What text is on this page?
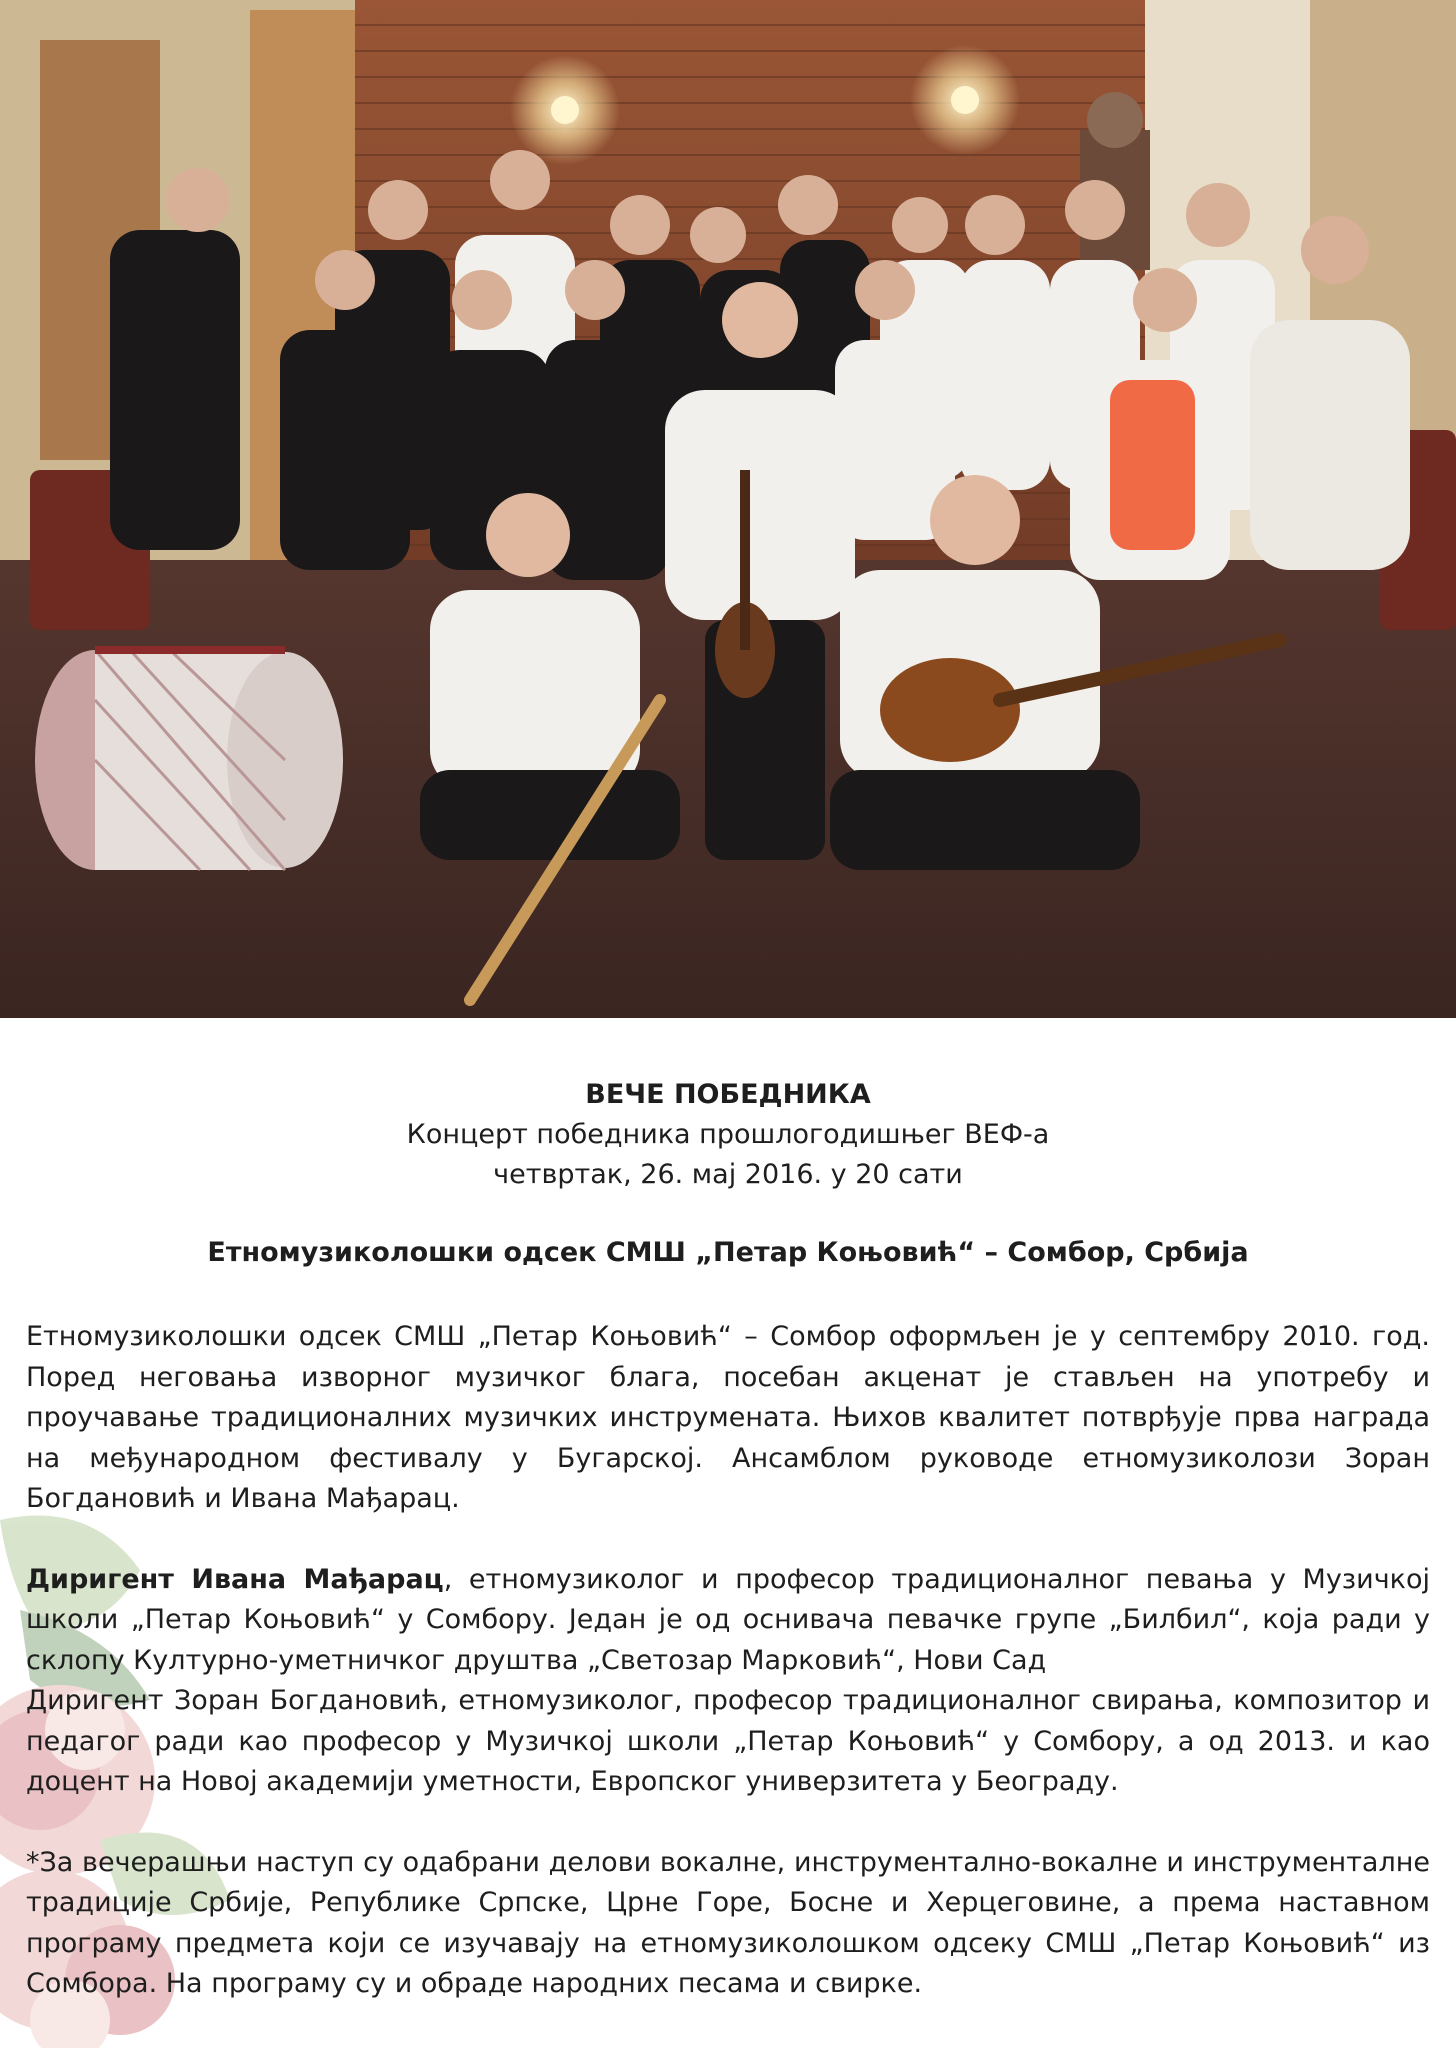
ВЕЧЕ ПОБЕДНИКА

Концерт победника прошлогодишњег ВЕФ-а

четвртак, 26. мај 2016. у 20 сати

Етномузиколошки одсек СМШ „Петар Коњовић“ – Сомбор, Србија

Етномузиколошки одсек СМШ „Петар Коњовић“ – Сомбор оформљен је у септембру 2010. год. Поред неговања изворног музичког блага, посебан акценат је стављен на употребу и проучавање традиционалних музичких инструмената. Њихов квалитет потврђује прва награда на међународном фестивалу у Бугарској. Ансамблом руководе етномузиколози Зоран Богдановић и Ивана Мађарац.

Диригент Ивана Мађарац, етномузиколог и професор традиционалног певања у Музичкој школи „Петар Коњовић“ у Сомбору. Један је од оснивача певачке групе „Билбил“, која ради у склопу Културно-уметничког друштва „Светозар Марковић“, Нови Сад

Диригент Зоран Богдановић, етномузиколог, професор традиционалног свирања, композитор и педагог ради као професор у Музичкој школи „Петар Коњовић“ у Сомбору, а од 2013. и као доцент на Новој академији уметности, Европског универзитета у Београду.

*За вечерашњи наступ су одабрани делови вокалне, инструментално-вокалне и инструменталне традиције Србије, Републике Српске, Црне Горе, Босне и Херцеговине, а према наставном програму предмета који се изучавају на етномузиколошком одсеку СМШ „Петар Коњовић“ из Сомбора. На програму су и обраде народних песама и свирке.
